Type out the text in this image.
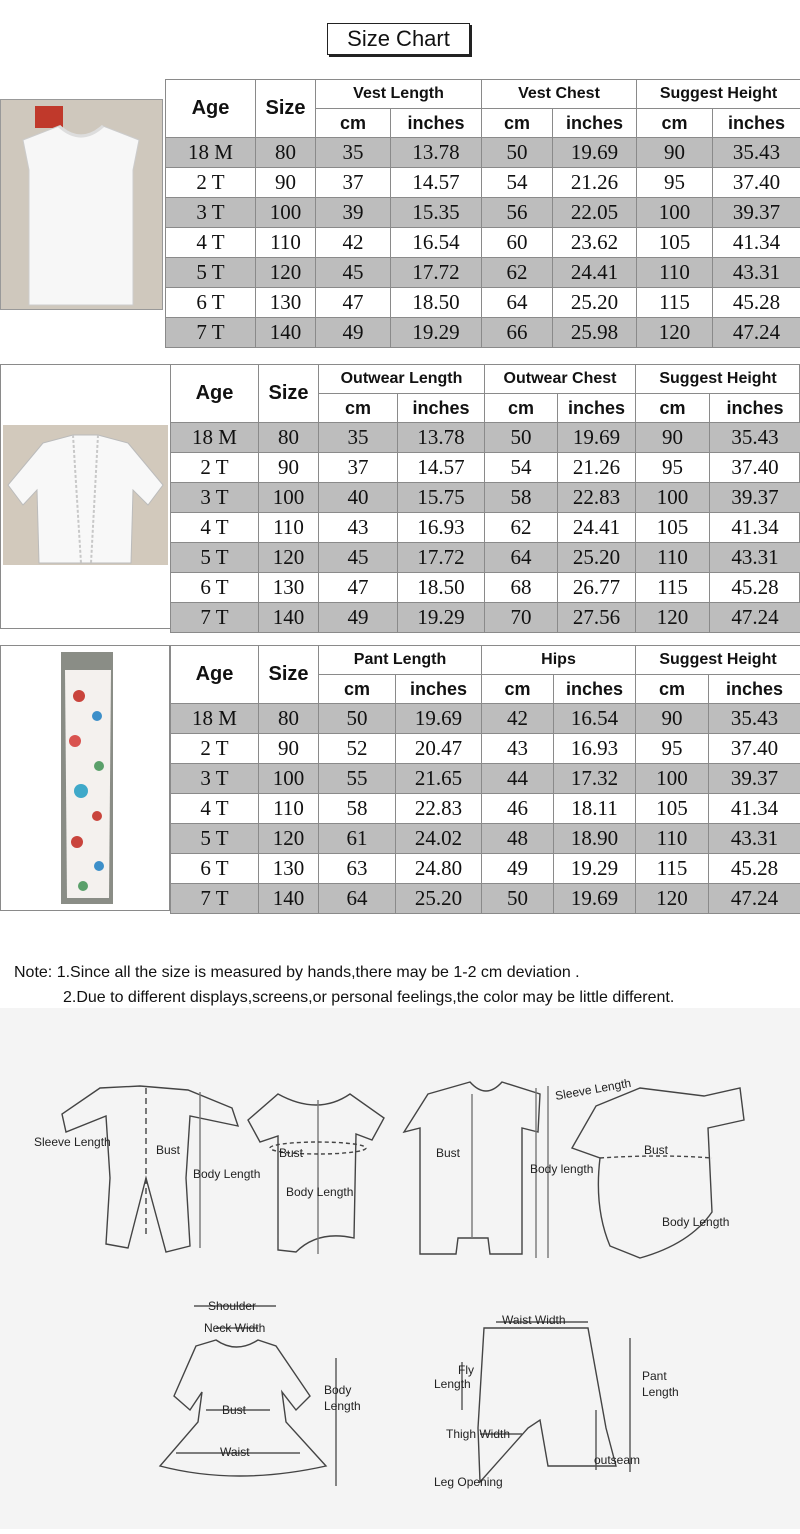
Size Chart
Age	Size	Vest Length		Vest Chest		Suggest Height	
		cm	inches	cm	inches	cm	inches
18 M	80	35	13.78	50	19.69	90	35.43
2 T	90	37	14.57	54	21.26	95	37.40
3 T	100	39	15.35	56	22.05	100	39.37
4 T	110	42	16.54	60	23.62	105	41.34
5 T	120	45	17.72	62	24.41	110	43.31
6 T	130	47	18.50	64	25.20	115	45.28
7 T	140	49	19.29	66	25.98	120	47.24
Age	Size	Outwear Length		Outwear Chest		Suggest Height	
		cm	inches	cm	inches	cm	inches
18 M	80	35	13.78	50	19.69	90	35.43
2 T	90	37	14.57	54	21.26	95	37.40
3 T	100	40	15.75	58	22.83	100	39.37
4 T	110	43	16.93	62	24.41	105	41.34
5 T	120	45	17.72	64	25.20	110	43.31
6 T	130	47	18.50	68	26.77	115	45.28
7 T	140	49	19.29	70	27.56	120	47.24
Age	Size	Pant Length		Hips		Suggest Height	
		cm	inches	cm	inches	cm	inches
18 M	80	50	19.69	42	16.54	90	35.43
2 T	90	52	20.47	43	16.93	95	37.40
3 T	100	55	21.65	44	17.32	100	39.37
4 T	110	58	22.83	46	18.11	105	41.34
5 T	120	61	24.02	48	18.90	110	43.31
6 T	130	63	24.80	49	19.29	115	45.28
7 T	140	64	25.20	50	19.69	120	47.24
Note: 1.Since all the size is measured by hands,there may be 1-2 cm deviation .
2.Due to different displays,screens,or personal feelings,the color may be little different.
Sleeve Length
Bust
Body Length
Bust
Body Length
Bust
Body length
Sleeve Length
Bust
Body Length
Shoulder
Neck Width
Bust
Waist
Body
Length
Waist Width
Fly
Length
Pant
Length
Thigh Width
outseam
Leg Opening
